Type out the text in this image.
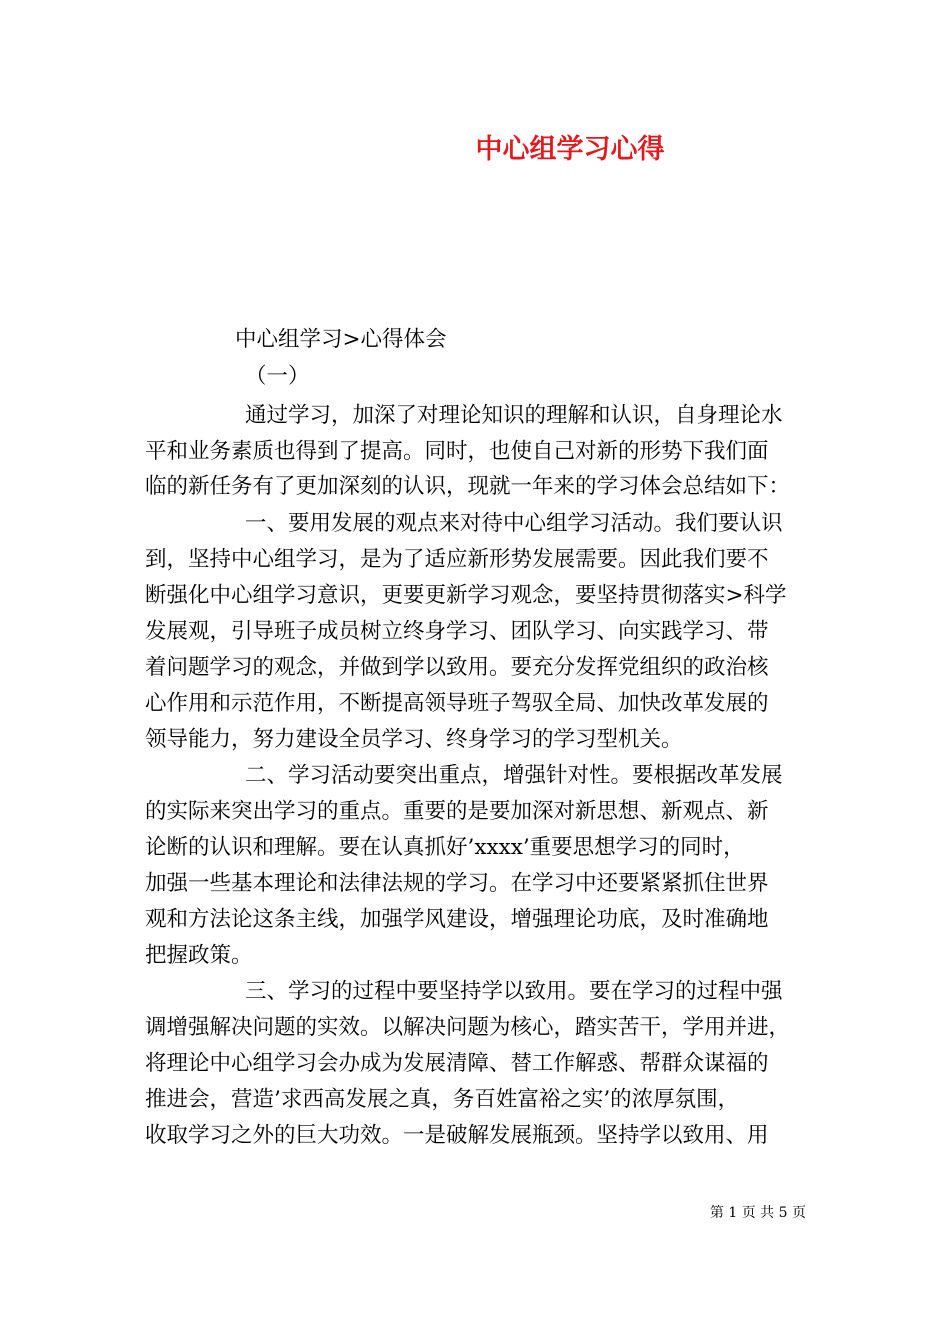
中心组学习心得
中心组学习>心得体会
（一）
通过学习，加深了对理论知识的理解和认识，自身理论水
平和业务素质也得到了提高。同时，也使自己对新的形势下我们面
临的新任务有了更加深刻的认识，现就一年来的学习体会总结如下：
一、要用发展的观点来对待中心组学习活动。我们要认识
到，坚持中心组学习，是为了适应新形势发展需要。因此我们要不
断强化中心组学习意识，更要更新学习观念，要坚持贯彻落实>科学
发展观，引导班子成员树立终身学习、团队学习、向实践学习、带
着问题学习的观念，并做到学以致用。要充分发挥党组织的政治核
心作用和示范作用，不断提高领导班子驾驭全局、加快改革发展的
领导能力，努力建设全员学习、终身学习的学习型机关。
二、学习活动要突出重点，增强针对性。要根据改革发展
的实际来突出学习的重点。重要的是要加深对新思想、新观点、新
论断的认识和理解。要在认真抓好’xxxx’重要思想学习的同时，
加强一些基本理论和法律法规的学习。在学习中还要紧紧抓住世界
观和方法论这条主线，加强学风建设，增强理论功底，及时准确地
把握政策。
三、学习的过程中要坚持学以致用。要在学习的过程中强
调增强解决问题的实效。以解决问题为核心，踏实苦干，学用并进，
将理论中心组学习会办成为发展清障、替工作解惑、帮群众谋福的
推进会，营造’求西高发展之真，务百姓富裕之实’的浓厚氛围，
收取学习之外的巨大功效。一是破解发展瓶颈。坚持学以致用、用
第 1 页 共 5 页
